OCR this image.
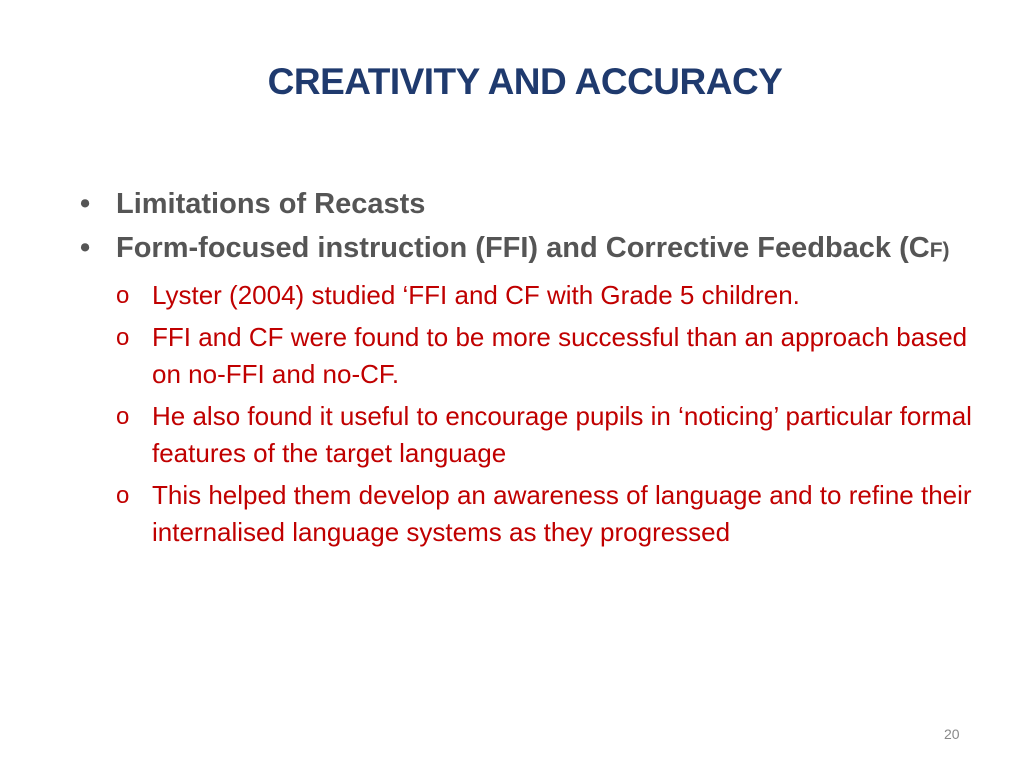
CREATIVITY AND ACCURACY
• Limitations of Recasts
• Form-focused instruction (FFI) and Corrective Feedback (CF)
o Lyster (2004) studied ‘FFI and CF with Grade 5 children.
o FFI and CF were found to be more successful than an approach based on no-FFI and no-CF.
o He also found it useful to encourage pupils in ‘noticing’ particular formal features of the target language
o This helped them develop an awareness of language and to refine their internalised language systems as they progressed
20
